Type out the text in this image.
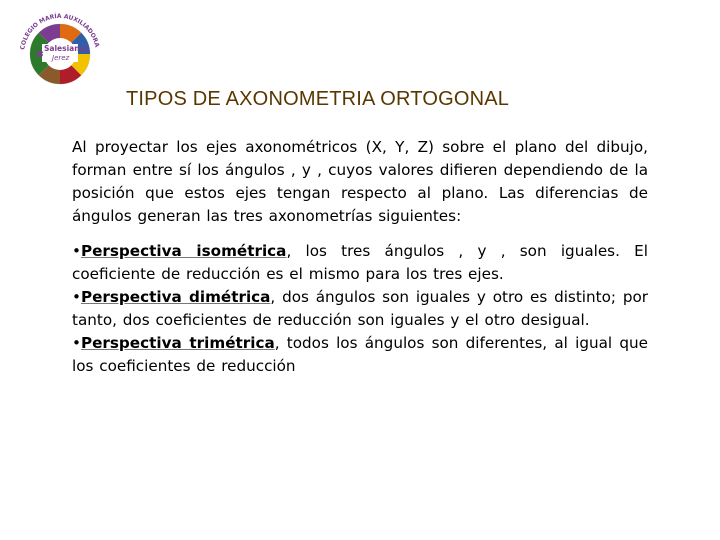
COLEGIO MARÍA AUXILIADORA
Salesianas
Jerez
✱
TIPOS DE AXONOMETRIA ORTOGONAL

Al proyectar los ejes axonométricos (X, Y, Z) sobre el plano del dibujo, forman entre sí los ángulos , y , cuyos valores difieren dependiendo de la posición que estos ejes tengan respecto al plano. Las diferencias de ángulos generan las tres axonometrías siguientes:

•Perspectiva isométrica, los tres ángulos , y , son iguales. El coeficiente de reducción es el mismo para los tres ejes.

•Perspectiva dimétrica, dos ángulos son iguales y otro es distinto; por tanto, dos coeficientes de reducción son iguales y el otro desigual.

•Perspectiva trimétrica, todos los ángulos son diferentes, al igual que los coeficientes de reducción
